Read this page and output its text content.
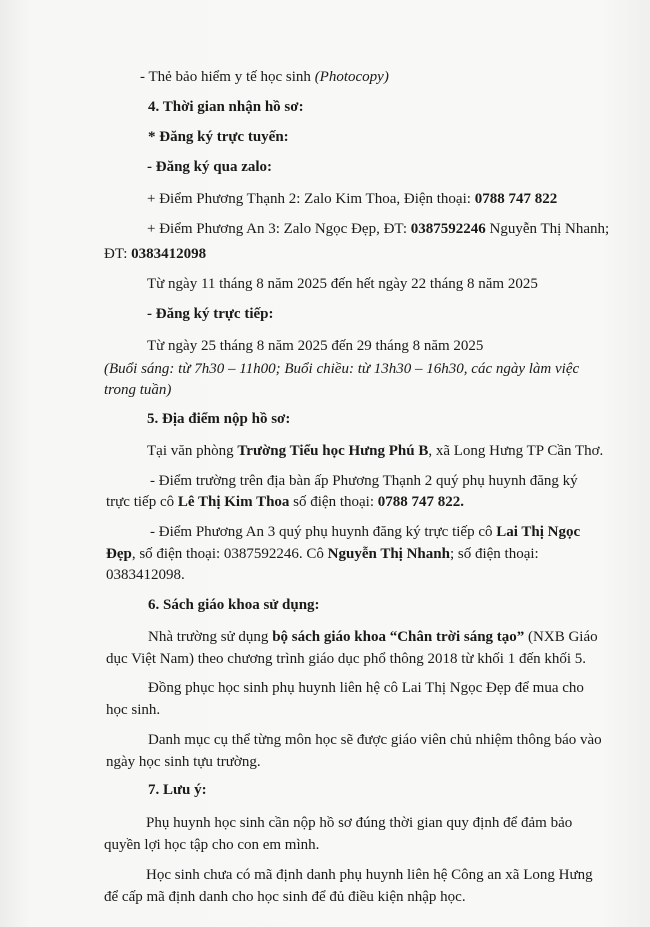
- Thẻ bảo hiểm y tế học sinh (Photocopy)
4. Thời gian nhận hồ sơ:
* Đăng ký trực tuyến:
- Đăng ký qua zalo:
+ Điểm Phương Thạnh 2: Zalo Kim Thoa, Điện thoại: 0788 747 822
+ Điểm Phương An 3: Zalo Ngọc Đẹp, ĐT: 0387592246 Nguyễn Thị Nhanh;
ĐT: 0383412098
Từ ngày 11 tháng 8 năm 2025 đến hết ngày 22 tháng 8 năm 2025
- Đăng ký trực tiếp:
Từ ngày 25 tháng 8 năm 2025 đến 29 tháng 8 năm 2025
(Buổi sáng: từ 7h30 – 11h00; Buổi chiều: từ 13h30 – 16h30, các ngày làm việc
trong tuần)
5. Địa điểm nộp hồ sơ:
Tại văn phòng Trường Tiểu học Hưng Phú B, xã Long Hưng TP Cần Thơ.
- Điểm trường trên địa bàn ấp Phương Thạnh 2 quý phụ huynh đăng ký
trực tiếp cô Lê Thị Kim Thoa số điện thoại: 0788 747 822.
- Điểm Phương An 3 quý phụ huynh đăng ký trực tiếp cô Lai Thị Ngọc
Đẹp, số điện thoại: 0387592246. Cô Nguyễn Thị Nhanh; số điện thoại:
0383412098.
6. Sách giáo khoa sử dụng:
Nhà trường sử dụng bộ sách giáo khoa “Chân trời sáng tạo” (NXB Giáo
dục Việt Nam) theo chương trình giáo dục phổ thông 2018 từ khối 1 đến khối 5.
Đồng phục học sinh phụ huynh liên hệ cô Lai Thị Ngọc Đẹp để mua cho
học sinh.
Danh mục cụ thể từng môn học sẽ được giáo viên chủ nhiệm thông báo vào
ngày học sinh tựu trường.
7. Lưu ý:
Phụ huynh học sinh cần nộp hồ sơ đúng thời gian quy định để đảm bảo
quyền lợi học tập cho con em mình.
Học sinh chưa có mã định danh phụ huynh liên hệ Công an xã Long Hưng
để cấp mã định danh cho học sinh để đủ điều kiện nhập học.
